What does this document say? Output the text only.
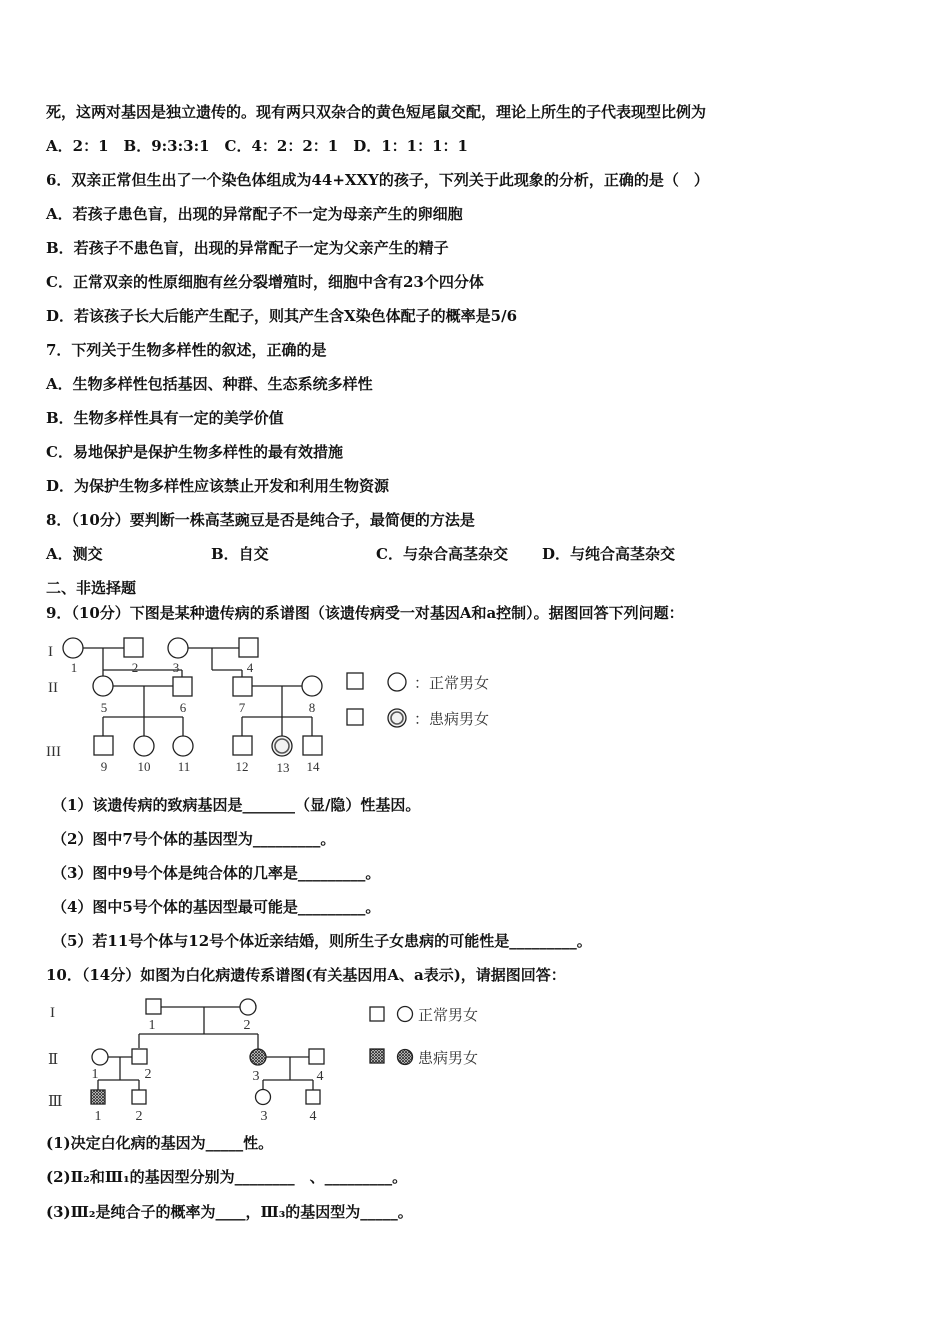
死，这两对基因是独立遗传的。现有两只双杂合的黄色短尾鼠交配，理论上所生的子代表现型比例为
A．2：1　B．9:3:3:1　C．4：2：2：1　D．1：1：1：1
6．双亲正常但生出了一个染色体组成为44+XXY的孩子，下列关于此现象的分析，正确的是（　）
A．若孩子患色盲，出现的异常配子不一定为母亲产生的卵细胞
B．若孩子不患色盲，出现的异常配子一定为父亲产生的精子
C．正常双亲的性原细胞有丝分裂增殖时，细胞中含有23个四分体
D．若该孩子长大后能产生配子，则其产生含X染色体配子的概率是5/6
7．下列关于生物多样性的叙述，正确的是
A．生物多样性包括基因、种群、生态系统多样性
B．生物多样性具有一定的美学价值
C．易地保护是保护生物多样性的最有效措施
D．为保护生物多样性应该禁止开发和利用生物资源
8．（10分）要判断一株高茎豌豆是否是纯合子，最简便的方法是
A．测交	B．自交	C．与杂合高茎杂交 D．与纯合高茎杂交
二、非选择题
9．（10分）下图是某种遗传病的系谱图（该遗传病受一对基因A和a控制）。据图回答下列问题：
I
II
III
1	2	3	4
5	6	7	8
9 10 11	12 13 14
：正常男女
：患病男女
（1）该遗传病的致病基因是_______（显/隐）性基因。
（2）图中7号个体的基因型为_________。
（3）图中9号个体是纯合体的几率是_________。
（4）图中5号个体的基因型最可能是_________。
（5）若11号个体与12号个体近亲结婚，则所生子女患病的可能性是_________。
10．（14分）如图为白化病遗传系谱图(有关基因用A、a表示)，请据图回答：
I
Ⅱ
Ⅲ
1	2
1	2	3	4
1 2	3	4
正常男女
患病男女
(1)决定白化病的基因为_____性。
(2)Ⅱ₂和Ⅲ₁的基因型分别为________　、_________。
(3)Ⅲ₂是纯合子的概率为____，Ⅲ₃的基因型为_____。
